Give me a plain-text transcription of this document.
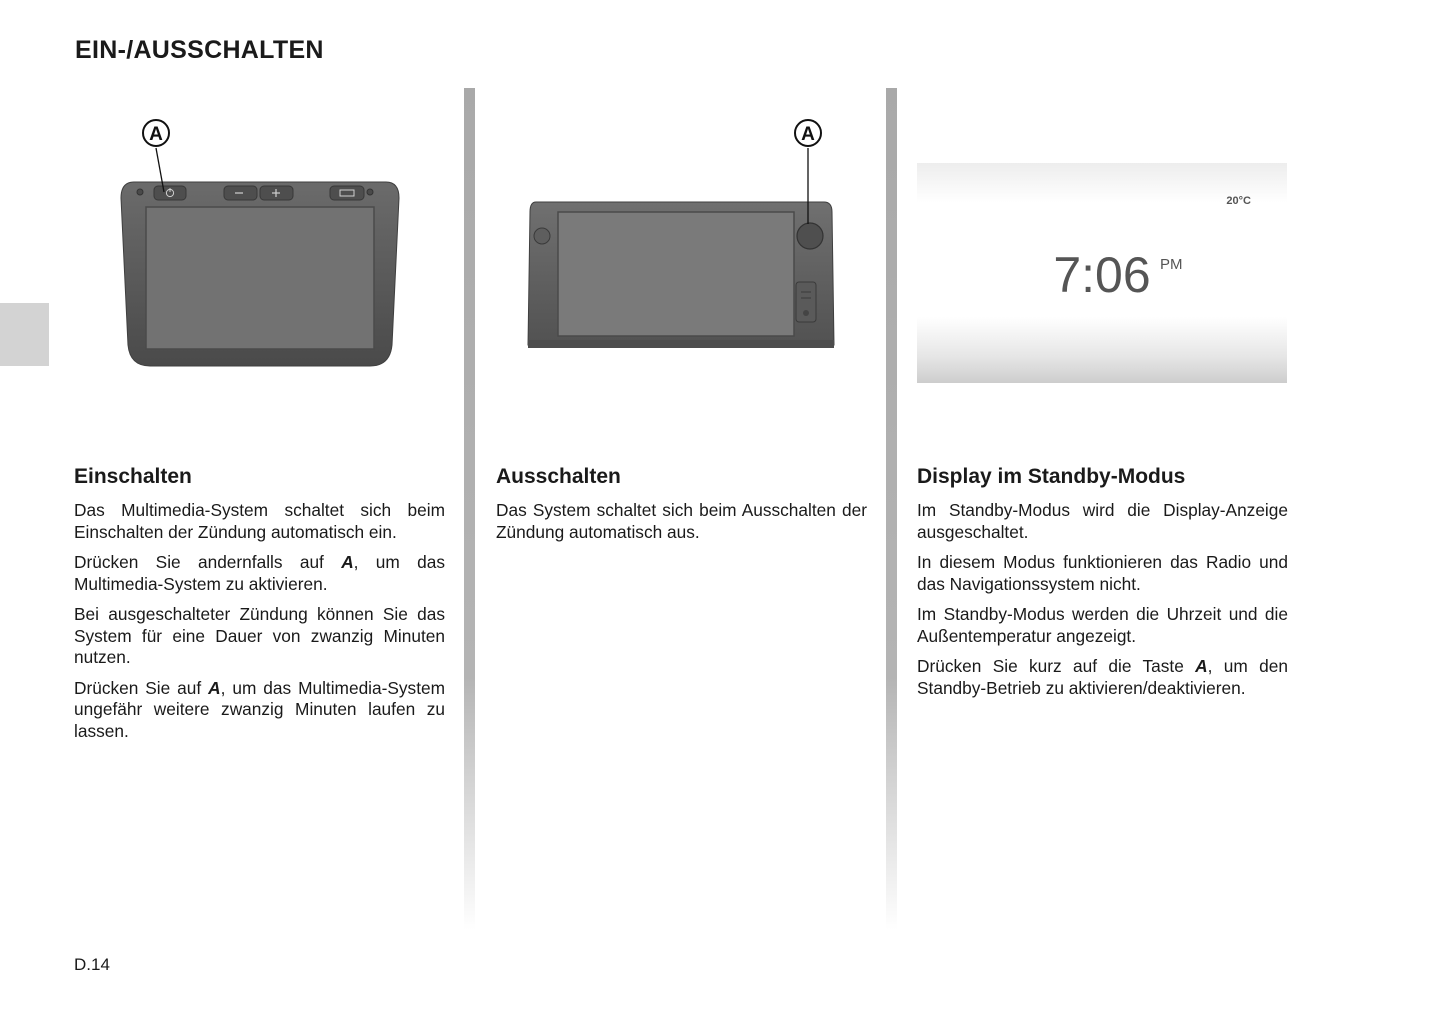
EIN-/AUSSCHALTEN
A
Einschalten

Das Multimedia-System schaltet sich beim Einschalten der Zündung automatisch ein.

Drücken Sie andernfalls auf A, um das Multimedia-System zu aktivieren.

Bei ausgeschalteter Zündung können Sie das System für eine Dauer von zwanzig Minuten nutzen.

Drücken Sie auf A, um das Multimedia-System ungefähr weitere zwanzig Minuten laufen zu lassen.

A
Ausschalten

Das System schaltet sich beim Ausschalten der Zündung automatisch aus.

20°C
7:06 PM
Display im Standby-Modus

Im Standby-Modus wird die Display-Anzeige ausgeschaltet.

In diesem Modus funktionieren das Radio und das Navigationssystem nicht.

Im Standby-Modus werden die Uhrzeit und die Außentemperatur angezeigt.

Drücken Sie kurz auf die Taste A, um den Standby-Betrieb zu aktivieren/deaktivieren.

D.14
